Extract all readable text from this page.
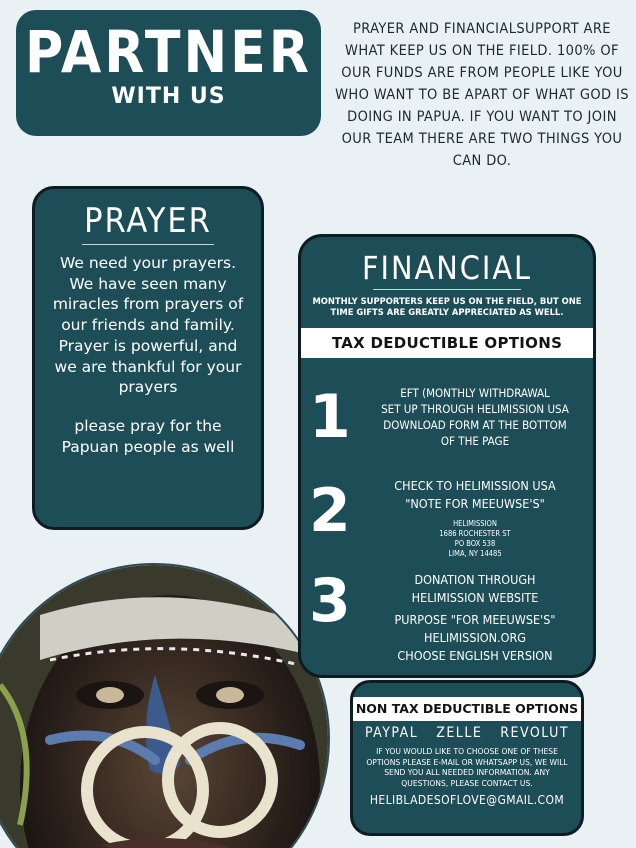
PARTNER
WITH US

PRAYER AND FINANCIALSUPPORT ARE WHAT KEEP US ON THE FIELD. 100% OF OUR FUNDS ARE FROM PEOPLE LIKE YOU WHO WANT TO BE APART OF WHAT GOD IS DOING IN PAPUA. IF YOU WANT TO JOIN OUR TEAM THERE ARE TWO THINGS YOU CAN DO.

PRAYER

We need your prayers. We have seen many miracles from prayers of our friends and family. Prayer is powerful, and we are thankful for your prayers

please pray for the Papuan people as well

FINANCIAL

MONTHLY SUPPORTERS KEEP US ON THE FIELD, BUT ONE TIME GIFTS ARE GREATLY APPRECIATED AS WELL.

TAX DEDUCTIBLE OPTIONS
1	EFT (MONTHLY WITHDRAWAL
SET UP THROUGH HELIMISSION USA
DOWNLOAD FORM AT THE BOTTOM
OF THE PAGE
2	CHECK TO HELIMISSION USA
"NOTE FOR MEEUWSE'S"
HELIMISSION
1686 ROCHESTER ST
PO BOX 538
LIMA, NY 14485
3	DONATION THROUGH
HELIMISSION WEBSITE
PURPOSE "FOR MEEUWSE'S"
HELIMISSION.ORG
CHOOSE ENGLISH VERSION
NON TAX DEDUCTIBLE OPTIONS
PAYPAL ZELLE REVOLUT

IF YOU WOULD LIKE TO CHOOSE ONE OF THESE OPTIONS PLEASE E-MAIL OR WHATSAPP US, WE WILL SEND YOU ALL NEEDED INFORMATION. ANY QUESTIONS, PLEASE CONTACT US.

HELIBLADESOFLOVE@GMAIL.COM
